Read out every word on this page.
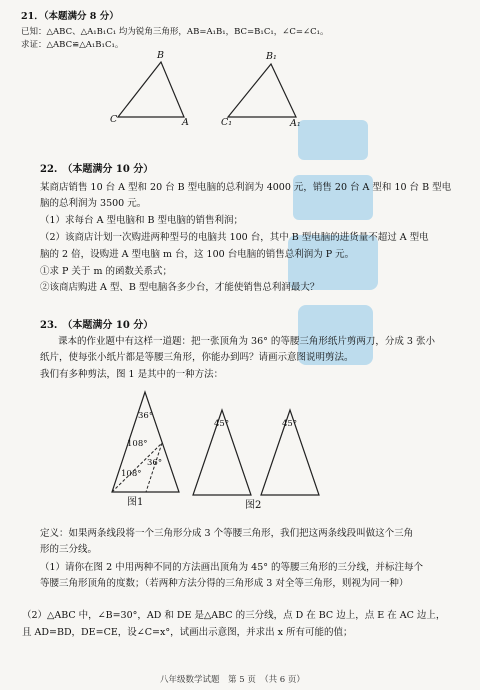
21．（本题满分 8 分）
已知：△ABC、△A₁B₁C₁ 均为锐角三角形，AB=A₁B₁，BC=B₁C₁，∠C=∠C₁。
求证：△ABC≌△A₁B₁C₁。
B
C	A
B₁
C₁	A₁
22.　（本题满分 10 分）
某商店销售 10 台 A 型和 20 台 B 型电脑的总利润为 4000 元，销售 20 台 A 型和 10 台 B 型电
脑的总利润为 3500 元。
（1）求每台 A 型电脑和 B 型电脑的销售利润；
（2）该商店计划一次购进两种型号的电脑共 100 台，其中 B 型电脑的进货量不超过 A 型电
脑的 2 倍，设购进 A 型电脑 m 台，这 100 台电脑的销售总利润为 P 元。
①求 P 关于 m 的函数关系式；
②该商店购进 A 型、B 型电脑各多少台，才能使销售总利润最大？
23.　（本题满分 10 分）
课本的作业题中有这样一道题：把一张顶角为 36° 的等腰三角形纸片剪两刀，分成 3 张小
纸片，使每张小纸片都是等腰三角形，你能办到吗？请画示意图说明剪法。
我们有多种剪法，图 1 是其中的一种方法：
36°
108°
36°
108°
图1
45°	45°
图2
定义：如果两条线段将一个三角形分成 3 个等腰三角形，我们把这两条线段叫做这个三角
形的三分线。
（1）请你在图 2 中用两种不同的方法画出顶角为 45° 的等腰三角形的三分线，并标注每个
等腰三角形顶角的度数；（若两种方法分得的三角形成 3 对全等三角形，则视为同一种）
（2）△ABC 中，∠B=30°，AD 和 DE 是△ABC 的三分线，点 D 在 BC 边上，点 E 在 AC 边上，
且 AD=BD，DE=CE，设∠C=x°，试画出示意图，并求出 x 所有可能的值；
八年级数学试题　第 5 页　（共 6 页）
